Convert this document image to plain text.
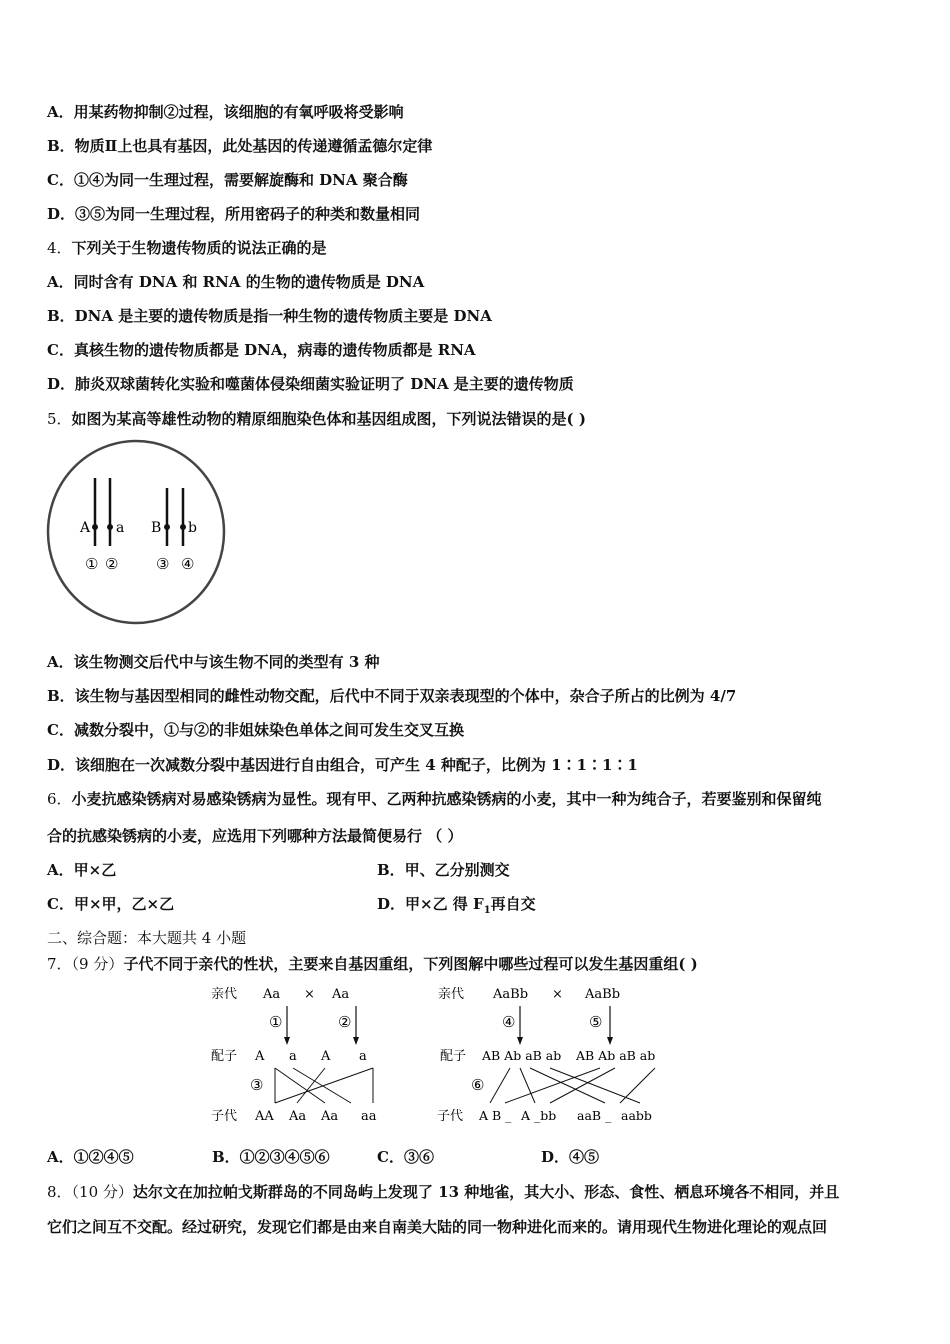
A．用某药物抑制②过程，该细胞的有氧呼吸将受影响
B．物质Ⅱ上也具有基因，此处基因的传递遵循孟德尔定律
C．①④为同一生理过程，需要解旋酶和 DNA 聚合酶
D．③⑤为同一生理过程，所用密码子的种类和数量相同
4．下列关于生物遗传物质的说法正确的是
A．同时含有 DNA 和 RNA 的生物的遗传物质是 DNA
B．DNA 是主要的遗传物质是指一种生物的遗传物质主要是 DNA
C．真核生物的遗传物质都是 DNA，病毒的遗传物质都是 RNA
D．肺炎双球菌转化实验和噬菌体侵染细菌实验证明了 DNA 是主要的遗传物质
5．如图为某高等雄性动物的精原细胞染色体和基因组成图，下列说法错误的是( )
A a B b
① ②	③ ④
A．该生物测交后代中与该生物不同的类型有 3 种
B．该生物与基因型相同的雌性动物交配，后代中不同于双亲表现型的个体中，杂合子所占的比例为 4/7
C．减数分裂中，①与②的非姐妹染色单体之间可发生交叉互换
D．该细胞在一次减数分裂中基因进行自由组合，可产生 4 种配子，比例为 1∶1∶1∶1
6．小麦抗感染锈病对易感染锈病为显性。现有甲、乙两种抗感染锈病的小麦，其中一种为纯合子，若要鉴别和保留纯
合的抗感染锈病的小麦，应选用下列哪种方法最简便易行 （ ）
A．甲×乙	B．甲、乙分别测交
C．甲×甲，乙×乙	D．甲×乙 得 $F_1$再自交
二、综合题：本大题共 4 小题
7．（9 分）子代不同于亲代的性状，主要来自基因重组，下列图解中哪些过程可以发生基因重组( )
亲代 Aa × Aa
①	②
配子 A a A a
③
子代 AA Aa Aa aa
亲代 AaBb × AaBb
④	⑤
配子 AB Ab aB ab AB Ab aB ab
⑥
子代 A B _ A _bb aaB _ aabb
A．①②④⑤	B．①②③④⑤⑥	C．③⑥	D．④⑤
8．（10 分）达尔文在加拉帕戈斯群岛的不同岛屿上发现了 13 种地雀，其大小、形态、食性、栖息环境各不相同，并且
它们之间互不交配。经过研究，发现它们都是由来自南美大陆的同一物种进化而来的。请用现代生物进化理论的观点回
